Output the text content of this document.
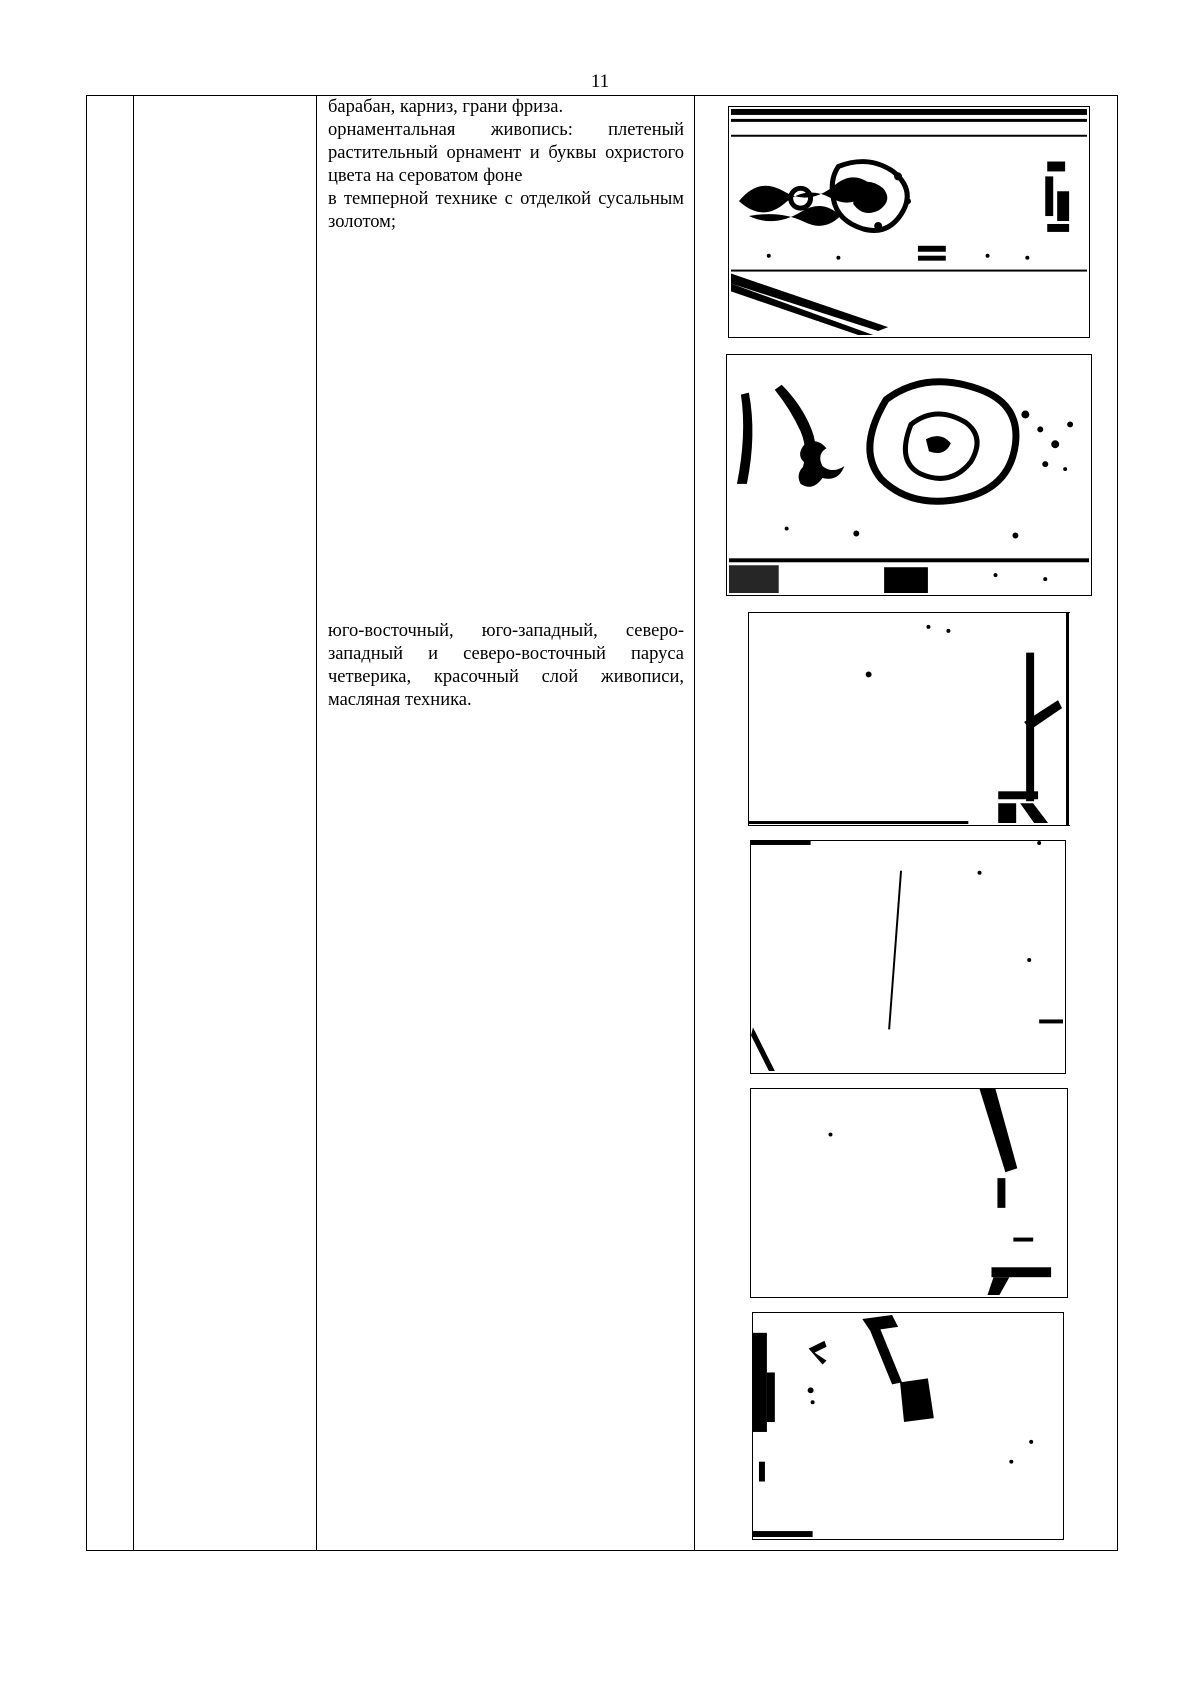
11
барабан, карниз, грани фриза.
орнаментальная живопись: плетеный растительный орнамент и буквы охристого цвета на сероватом фоне
в темперной технике с отделкой сусальным золотом;
юго-восточный, юго-западный, северо-западный и северо-восточный паруса четверика, красочный слой живописи, масляная техника.
